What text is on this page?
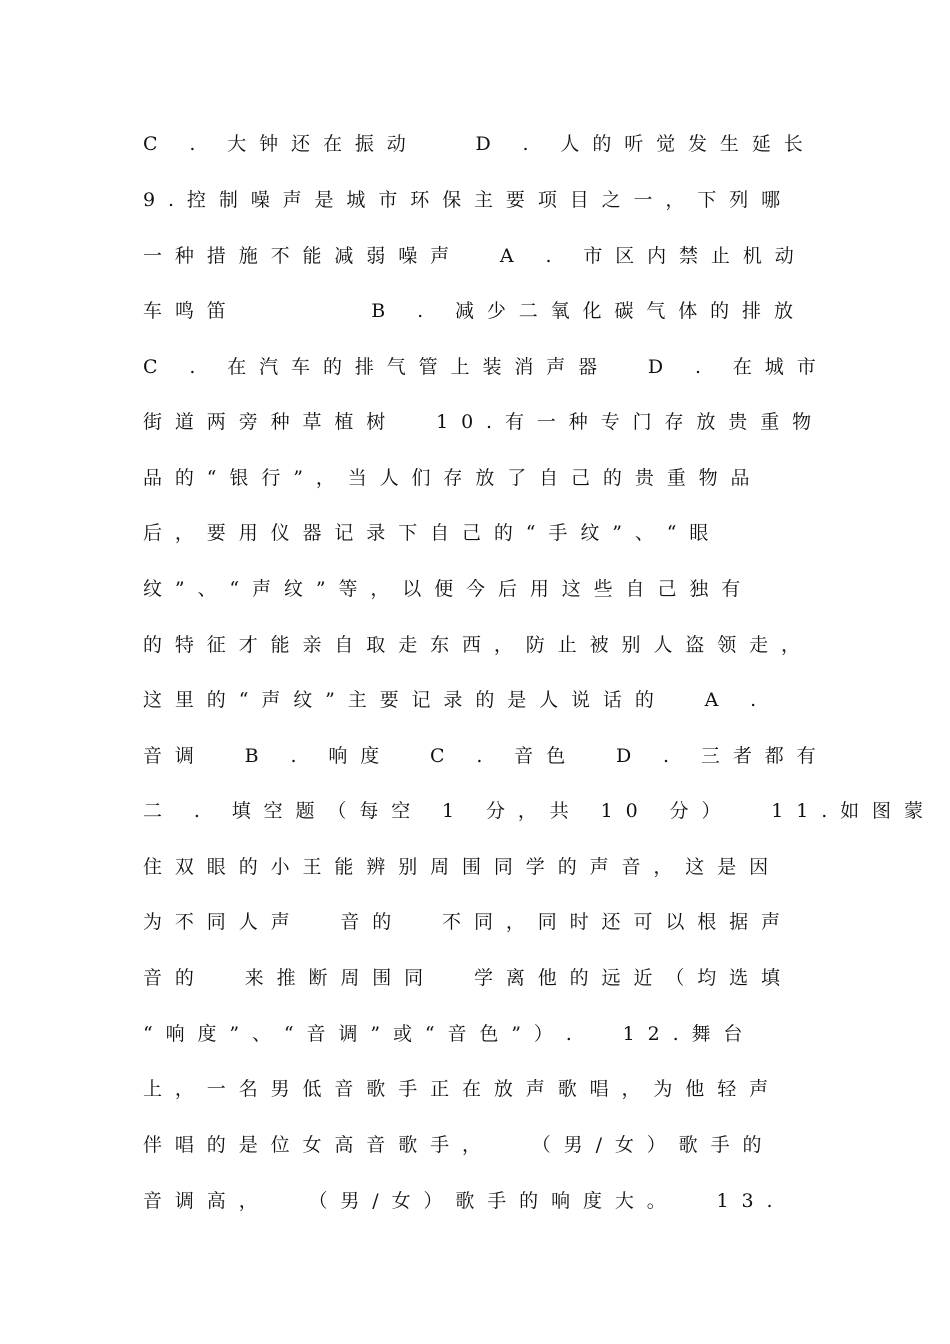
C . 大钟还在振动   D . 人的听觉发生延长
9.控制噪声是城市环保主要项目之一，下列哪
一种措施不能减弱噪声  A . 市区内禁止机动
车鸣笛       B . 减少二氧化碳气体的排放
C . 在汽车的排气管上装消声器  D . 在城市
街道两旁种草植树  10.有一种专门存放贵重物
品的“银行”，当人们存放了自己的贵重物品
后，要用仪器记录下自己的“手纹”、“眼
纹”、“声纹”等，以便今后用这些自己独有
的特征才能亲自取走东西，防止被别人盗领走，
这里的“声纹”主要记录的是人说话的  A .
音调  B . 响度  C . 音色  D . 三者都有
二 . 填空题（每空 1 分，共 10 分）  11.如图蒙
住双眼的小王能辨别周围同学的声音，这是因
为不同人声  音的  不同，同时还可以根据声
音的  来推断周围同  学离他的远近（均选填
“响度”、“音调”或“音色”）.  12.舞台
上，一名男低音歌手正在放声歌唱，为他轻声
伴唱的是位女高音歌手，  （男/女）歌手的
音调高，  （男/女）歌手的响度大。  13.
